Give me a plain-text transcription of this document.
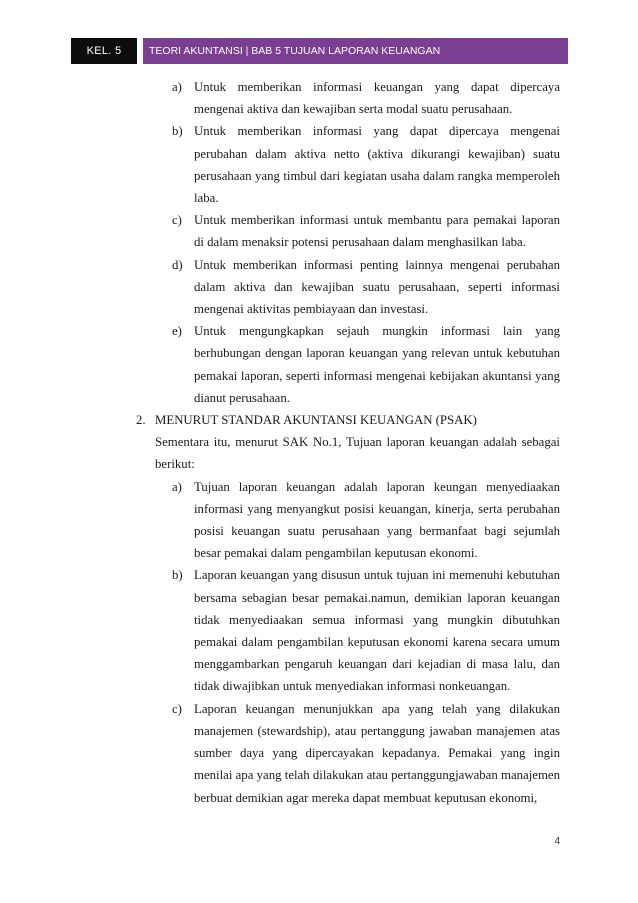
KEL. 5	TEORI AKUNTANSI | BAB 5 TUJUAN LAPORAN KEUANGAN
a) Untuk memberikan informasi keuangan yang dapat dipercaya mengenai aktiva dan kewajiban serta modal suatu perusahaan.
b) Untuk memberikan informasi yang dapat dipercaya mengenai perubahan dalam aktiva netto (aktiva dikurangi kewajiban) suatu perusahaan yang timbul dari kegiatan usaha dalam rangka memperoleh laba.
c) Untuk memberikan informasi untuk membantu para pemakai laporan di dalam menaksir potensi perusahaan dalam menghasilkan laba.
d) Untuk memberikan informasi penting lainnya mengenai perubahan dalam aktiva dan kewajiban suatu perusahaan, seperti informasi mengenai aktivitas pembiayaan dan investasi.
e) Untuk mengungkapkan sejauh mungkin informasi lain yang berhubungan dengan laporan keuangan yang relevan untuk kebutuhan pemakai laporan, seperti informasi mengenai kebijakan akuntansi yang dianut perusahaan.
2. MENURUT STANDAR AKUNTANSI KEUANGAN (PSAK)
Sementara itu, menurut SAK No.1, Tujuan laporan keuangan adalah sebagai berikut:
a) Tujuan laporan keuangan adalah laporan keungan menyediaakan informasi yang menyangkut posisi keuangan, kinerja, serta perubahan posisi keuangan suatu perusahaan yang bermanfaat bagi sejumlah besar pemakai dalam pengambilan keputusan ekonomi.
b) Laporan keuangan yang disusun untuk tujuan ini memenuhi kebutuhan bersama sebagian besar pemakai.namun, demikian laporan keuangan tidak menyediaakan semua informasi yang mungkin dibutuhkan pemakai dalam pengambilan keputusan ekonomi karena secara umum menggambarkan pengaruh keuangan dari kejadian di masa lalu, dan tidak diwajibkan untuk menyediakan informasi nonkeuangan.
c) Laporan keuangan menunjukkan apa yang telah yang dilakukan manajemen (stewardship), atau pertanggung jawaban manajemen atas sumber daya yang dipercayakan kepadanya. Pemakai yang ingin menilai apa yang telah dilakukan atau pertanggungjawaban manajemen berbuat demikian agar mereka dapat membuat keputusan ekonomi,
4
